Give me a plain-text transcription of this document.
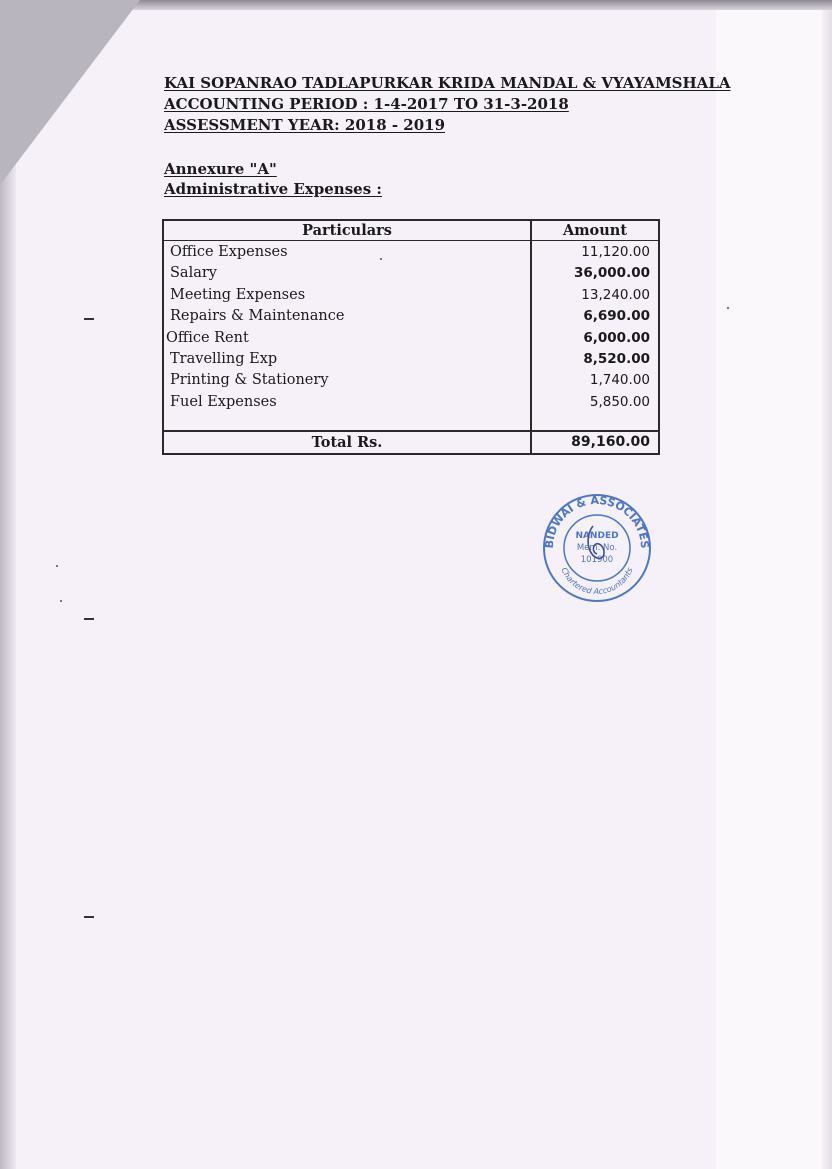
KAI SOPANRAO TADLAPURKAR KRIDA MANDAL & VYAYAMSHALA
ACCOUNTING PERIOD : 1-4-2017 TO 31-3-2018
ASSESSMENT YEAR: 2018 - 2019
Annexure "A"
Administrative Expenses :
Particulars	Amount
Office Expenses	11,120.00
Salary	36,000.00
Meeting Expenses	13,240.00
Repairs & Maintenance	6,690.00
Office Rent	6,000.00
Travelling Exp	8,520.00
Printing & Stationery	1,740.00
Fuel Expenses	5,850.00
Total Rs.	89,160.00
BIDWAI & ASSOCIATES
Chartered Accountants
NANDED
Mem. No.
101900
